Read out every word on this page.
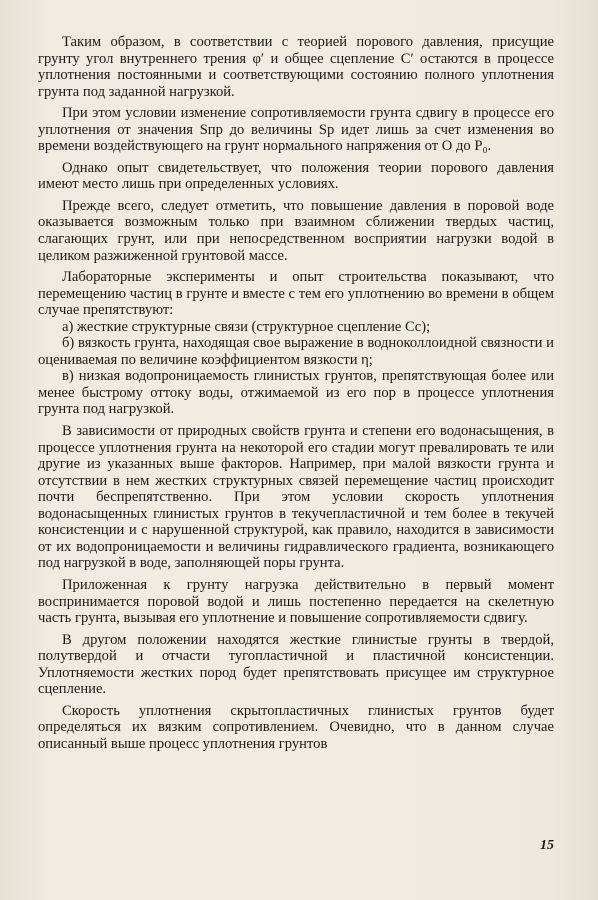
Таким образом, в соответствии с теорией порового давления, присущие грунту угол внутреннего трения φ′ и общее сцепление C′ остаются в процессе уплотнения постоянными и соответствующими состоянию полного уплотнения грунта под заданной нагрузкой.

При этом условии изменение сопротивляемости грунта сдвигу в процессе его уплотнения от значения Sпр до величины Sр идет лишь за счет изменения во времени воздействующего на грунт нормального напряжения от O до P₀.

Однако опыт свидетельствует, что положения теории порового давления имеют место лишь при определенных условиях.

Прежде всего, следует отметить, что повышение давления в поровой воде оказывается возможным только при взаимном сближении твердых частиц, слагающих грунт, или при непосредственном восприятии нагрузки водой в целиком разжиженной грунтовой массе.

Лабораторные эксперименты и опыт строительства показывают, что перемещению частиц в грунте и вместе с тем его уплотнению во времени в общем случае препятствуют:

а) жесткие структурные связи (структурное сцепление Cс);

б) вязкость грунта, находящая свое выражение в водноколлоидной связности и оцениваемая по величине коэффициентом вязкости η;

в) низкая водопроницаемость глинистых грунтов, препятствующая более или менее быстрому оттоку воды, отжимаемой из его пор в процессе уплотнения грунта под нагрузкой.

В зависимости от природных свойств грунта и степени его водонасыщения, в процессе уплотнения грунта на некоторой его стадии могут превалировать те или другие из указанных выше факторов. Например, при малой вязкости грунта и отсутствии в нем жестких структурных связей перемещение частиц происходит почти беспрепятственно. При этом условии скорость уплотнения водонасыщенных глинистых грунтов в текучепластичной и тем более в текучей консистенции и с нарушенной структурой, как правило, находится в зависимости от их водопроницаемости и величины гидравлического градиента, возникающего под нагрузкой в воде, заполняющей поры грунта.

Приложенная к грунту нагрузка действительно в первый момент воспринимается поровой водой и лишь постепенно передается на скелетную часть грунта, вызывая его уплотнение и повышение сопротивляемости сдвигу.

В другом положении находятся жесткие глинистые грунты в твердой, полутвердой и отчасти тугопластичной и пластичной консистенции. Уплотняемости жестких пород будет препятствовать присущее им структурное сцепление.

Скорость уплотнения скрытопластичных глинистых грунтов будет определяться их вязким сопротивлением. Очевидно, что в данном случае описанный выше процесс уплотнения грунтов

15
